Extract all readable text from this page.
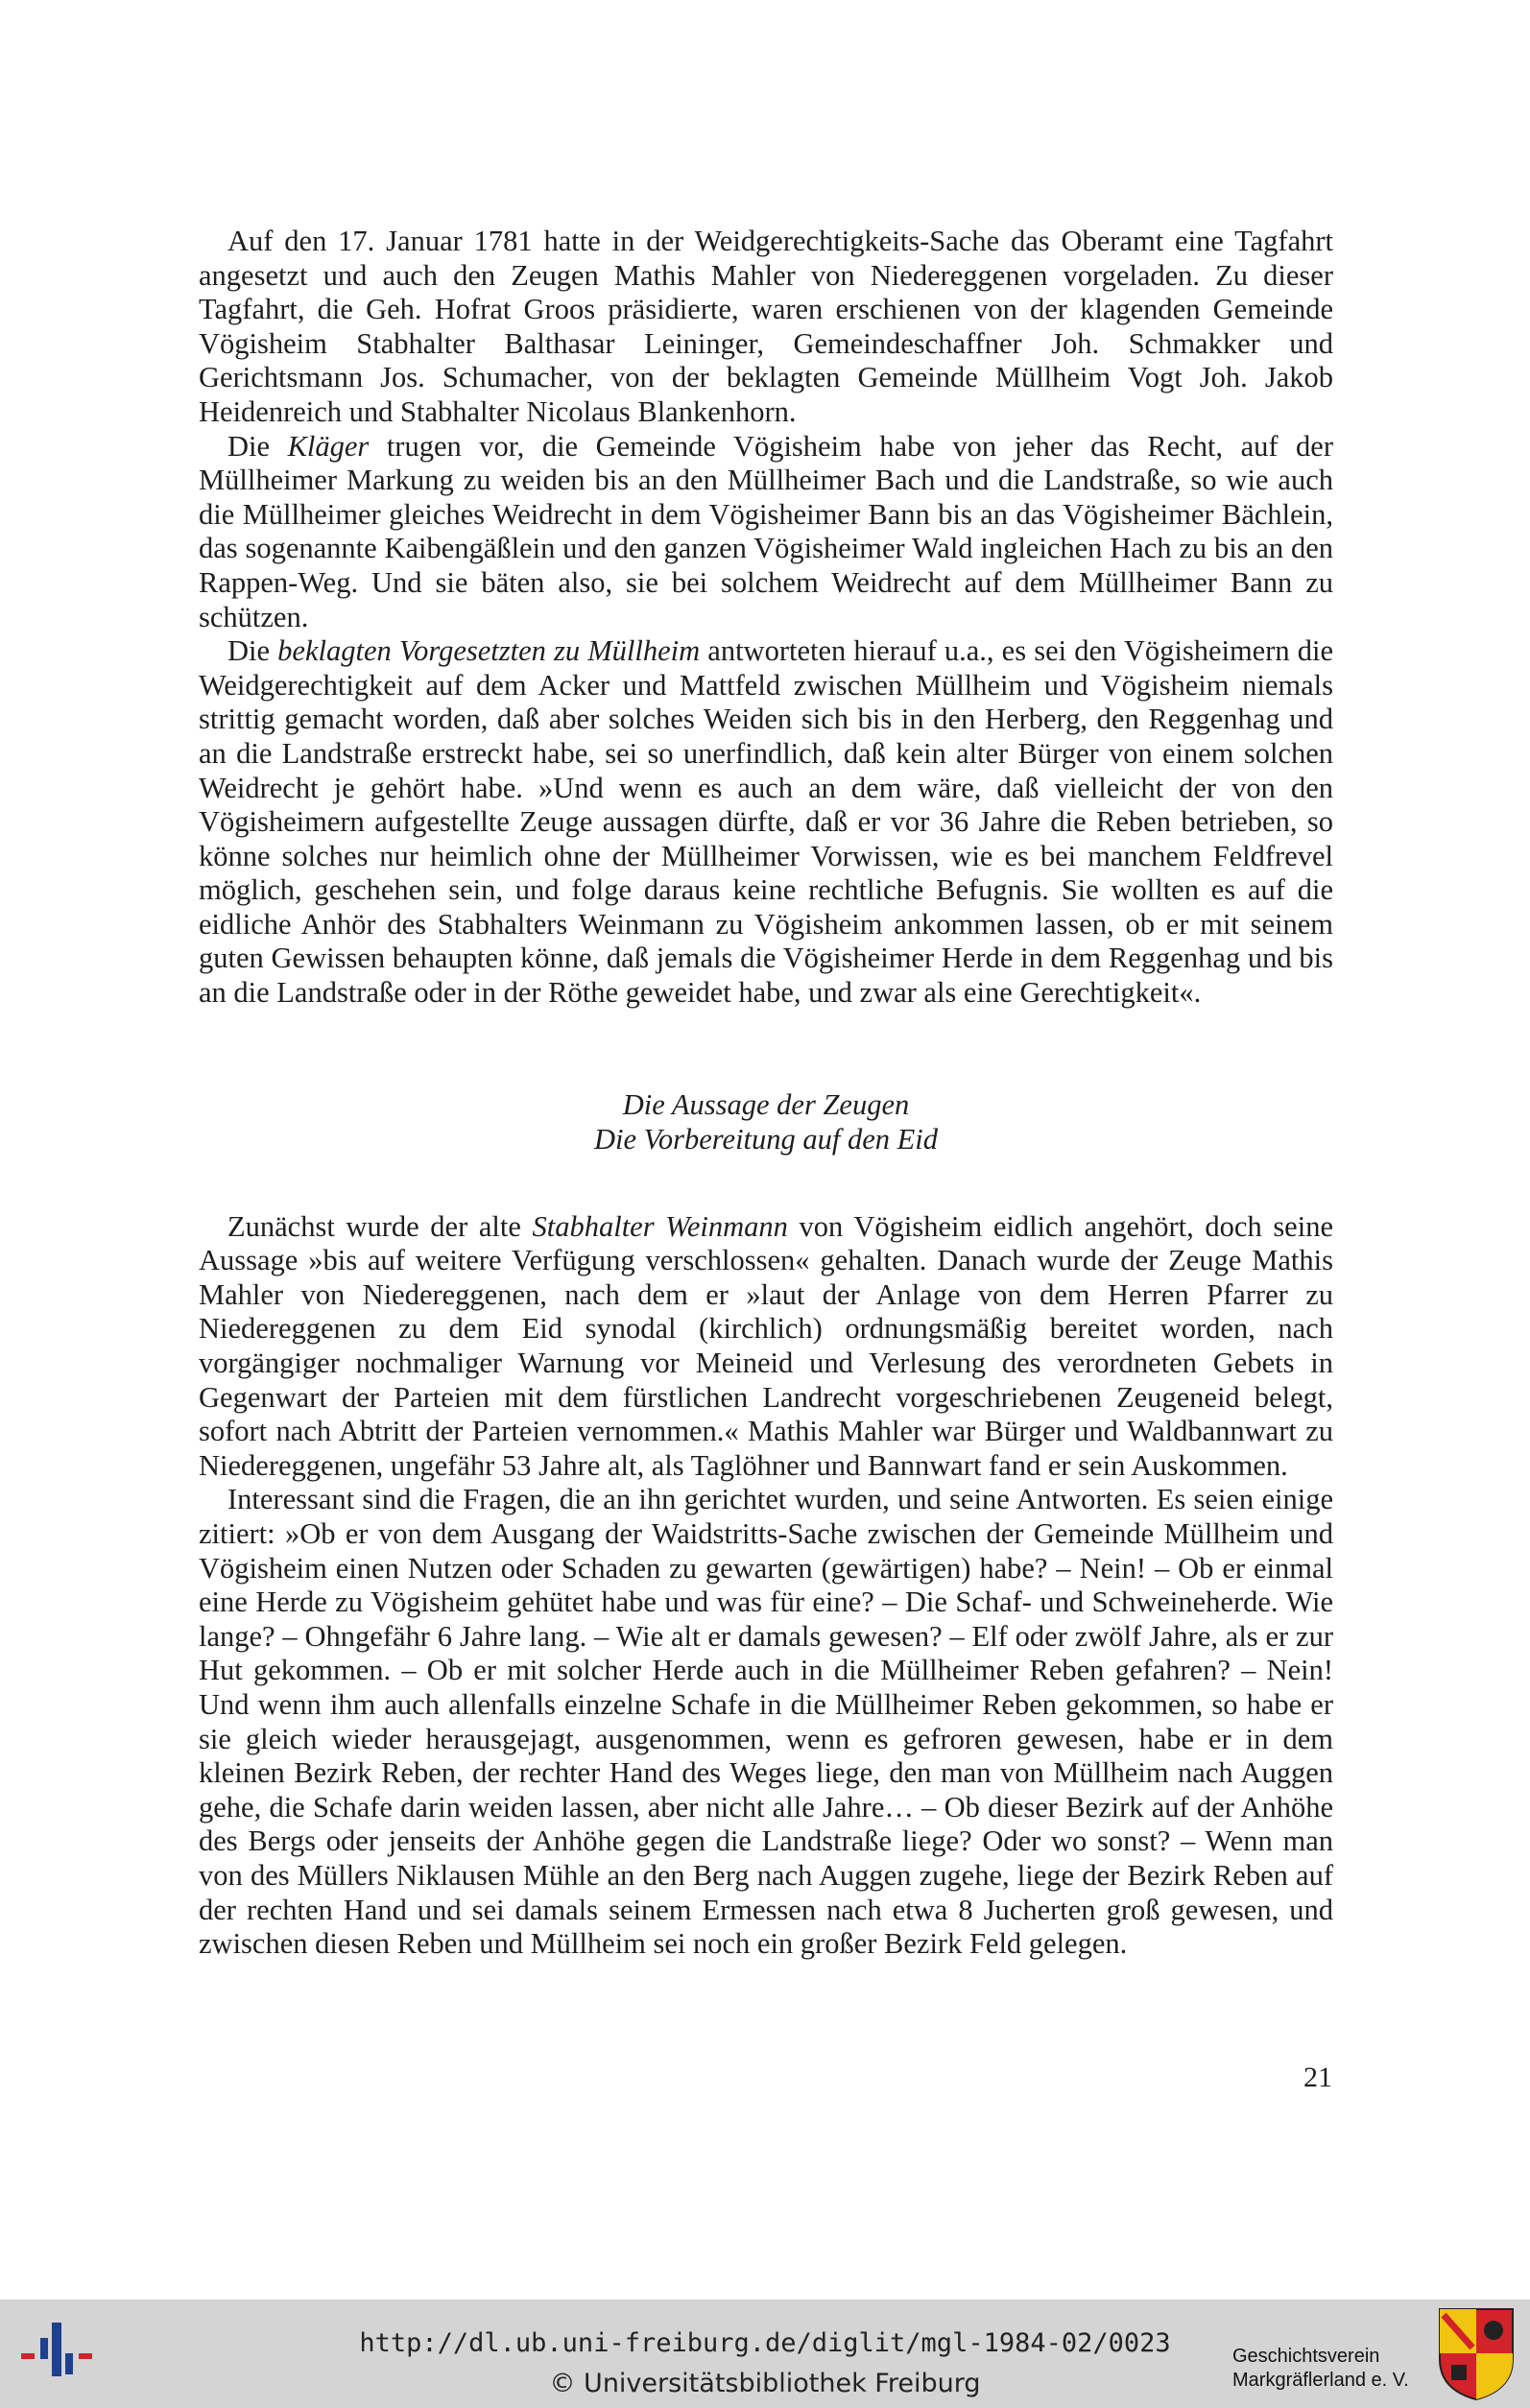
Auf den 17. Januar 1781 hatte in der Weidgerechtigkeits-Sache das Oberamt eine Tagfahrt angesetzt und auch den Zeugen Mathis Mahler von Niedereggenen vorgeladen. Zu dieser Tagfahrt, die Geh. Hofrat Groos präsidierte, waren erschienen von der klagenden Gemeinde Vögisheim Stabhalter Balthasar Leininger, Gemeindeschaffner Joh. Schmakker und Gerichtsmann Jos. Schumacher, von der beklagten Gemeinde Müllheim Vogt Joh. Jakob Heidenreich und Stabhalter Nicolaus Blankenhorn.

Die Kläger trugen vor, die Gemeinde Vögisheim habe von jeher das Recht, auf der Müllheimer Markung zu weiden bis an den Müllheimer Bach und die Landstraße, so wie auch die Müllheimer gleiches Weidrecht in dem Vögisheimer Bann bis an das Vögisheimer Bächlein, das sogenannte Kaibengäßlein und den ganzen Vögisheimer Wald ingleichen Hach zu bis an den Rappen-Weg. Und sie bäten also, sie bei solchem Weidrecht auf dem Müllheimer Bann zu schützen.

Die beklagten Vorgesetzten zu Müllheim antworteten hierauf u.a., es sei den Vögisheimern die Weidgerechtigkeit auf dem Acker und Mattfeld zwischen Müllheim und Vögisheim niemals strittig gemacht worden, daß aber solches Weiden sich bis in den Herberg, den Reggenhag und an die Landstraße erstreckt habe, sei so unerfindlich, daß kein alter Bürger von einem solchen Weidrecht je gehört habe. »Und wenn es auch an dem wäre, daß vielleicht der von den Vögisheimern aufgestellte Zeuge aussagen dürfte, daß er vor 36 Jahre die Reben betrieben, so könne solches nur heimlich ohne der Müllheimer Vorwissen, wie es bei manchem Feldfrevel möglich, geschehen sein, und folge daraus keine rechtliche Befugnis. Sie wollten es auf die eidliche Anhör des Stabhalters Weinmann zu Vögisheim ankommen lassen, ob er mit seinem guten Gewissen behaupten könne, daß jemals die Vögisheimer Herde in dem Reggenhag und bis an die Landstraße oder in der Röthe geweidet habe, und zwar als eine Gerechtigkeit«.

Die Aussage der Zeugen
Die Vorbereitung auf den Eid

Zunächst wurde der alte Stabhalter Weinmann von Vögisheim eidlich angehört, doch seine Aussage »bis auf weitere Verfügung verschlossen« gehalten. Danach wurde der Zeuge Mathis Mahler von Niedereggenen, nach dem er »laut der Anlage von dem Herren Pfarrer zu Niedereggenen zu dem Eid synodal (kirchlich) ordnungsmäßig bereitet worden, nach vorgängiger nochmaliger Warnung vor Meineid und Verlesung des verordneten Gebets in Gegenwart der Parteien mit dem fürstlichen Landrecht vorgeschriebenen Zeugeneid belegt, sofort nach Abtritt der Parteien vernommen.« Mathis Mahler war Bürger und Waldbannwart zu Niedereggenen, ungefähr 53 Jahre alt, als Taglöhner und Bannwart fand er sein Auskommen.

Interessant sind die Fragen, die an ihn gerichtet wurden, und seine Antworten. Es seien einige zitiert: »Ob er von dem Ausgang der Waidstritts-Sache zwischen der Gemeinde Müllheim und Vögisheim einen Nutzen oder Schaden zu gewarten (gewärtigen) habe? – Nein! – Ob er einmal eine Herde zu Vögisheim gehütet habe und was für eine? – Die Schaf- und Schweineherde. Wie lange? – Ohngefähr 6 Jahre lang. – Wie alt er damals gewesen? – Elf oder zwölf Jahre, als er zur Hut gekommen. – Ob er mit solcher Herde auch in die Müllheimer Reben gefahren? – Nein! Und wenn ihm auch allenfalls einzelne Schafe in die Müllheimer Reben gekommen, so habe er sie gleich wieder herausgejagt, ausgenommen, wenn es gefroren gewesen, habe er in dem kleinen Bezirk Reben, der rechter Hand des Weges liege, den man von Müllheim nach Auggen gehe, die Schafe darin weiden lassen, aber nicht alle Jahre… – Ob dieser Bezirk auf der Anhöhe des Bergs oder jenseits der Anhöhe gegen die Landstraße liege? Oder wo sonst? – Wenn man von des Müllers Niklausen Mühle an den Berg nach Auggen zugehe, liege der Bezirk Reben auf der rechten Hand und sei damals seinem Ermessen nach etwa 8 Jucherten groß gewesen, und zwischen diesen Reben und Müllheim sei noch ein großer Bezirk Feld gelegen.

21
http://dl.ub.uni-freiburg.de/diglit/mgl-1984-02/0023
© Universitätsbibliothek Freiburg
Geschichtsverein
Markgräflerland e. V.
